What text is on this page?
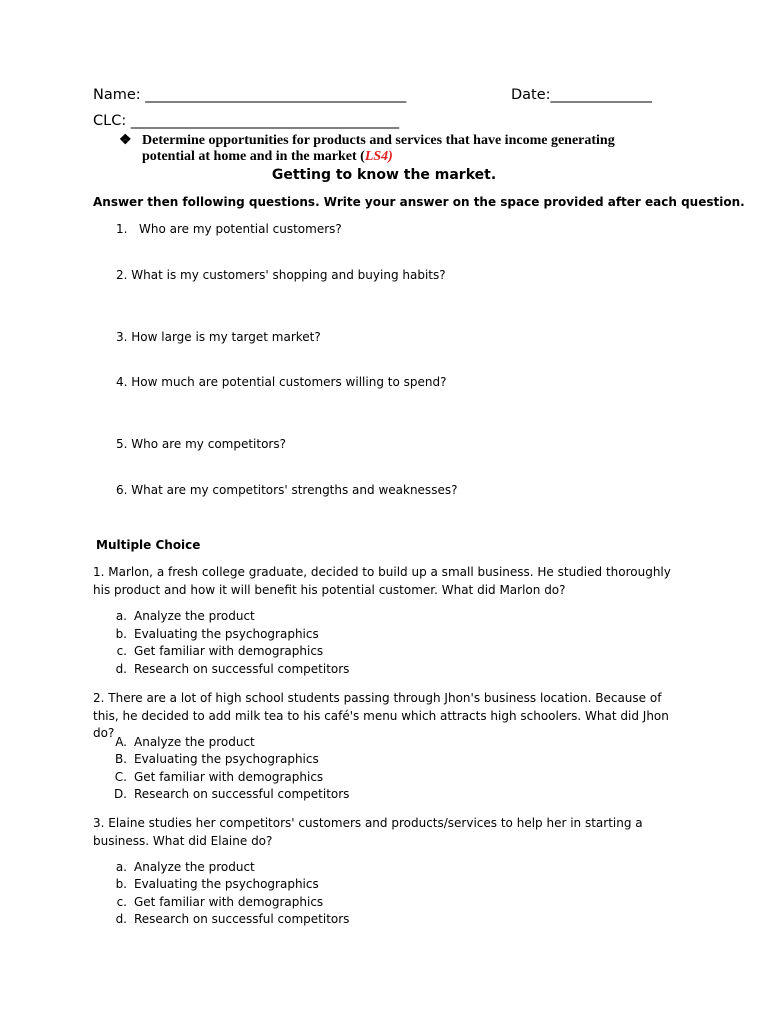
Name: ____________________________________	Date:______________
CLC: _____________________________________
❖ Determine opportunities for products and services that have income generating
potential at home and in the market (LS4)
Getting to know the market.
Answer then following questions. Write your answer on the space provided after each question.
1. Who are my potential customers?
2. What is my customers' shopping and buying habits?
3. How large is my target market?
4. How much are potential customers willing to spend?
5. Who are my competitors?
6. What are my competitors' strengths and weaknesses?
Multiple Choice
1. Marlon, a fresh college graduate, decided to build up a small business. He studied thoroughly his product and how it will benefit his potential customer. What did Marlon do?
a. Analyze the product
b. Evaluating the psychographics
c. Get familiar with demographics
d. Research on successful competitors
2. There are a lot of high school students passing through Jhon's business location. Because of this, he decided to add milk tea to his café's menu which attracts high schoolers. What did Jhon do?
A. Analyze the product
B. Evaluating the psychographics
C. Get familiar with demographics
D. Research on successful competitors
3. Elaine studies her competitors' customers and products/services to help her in starting a business. What did Elaine do?
a. Analyze the product
b. Evaluating the psychographics
c. Get familiar with demographics
d. Research on successful competitors
